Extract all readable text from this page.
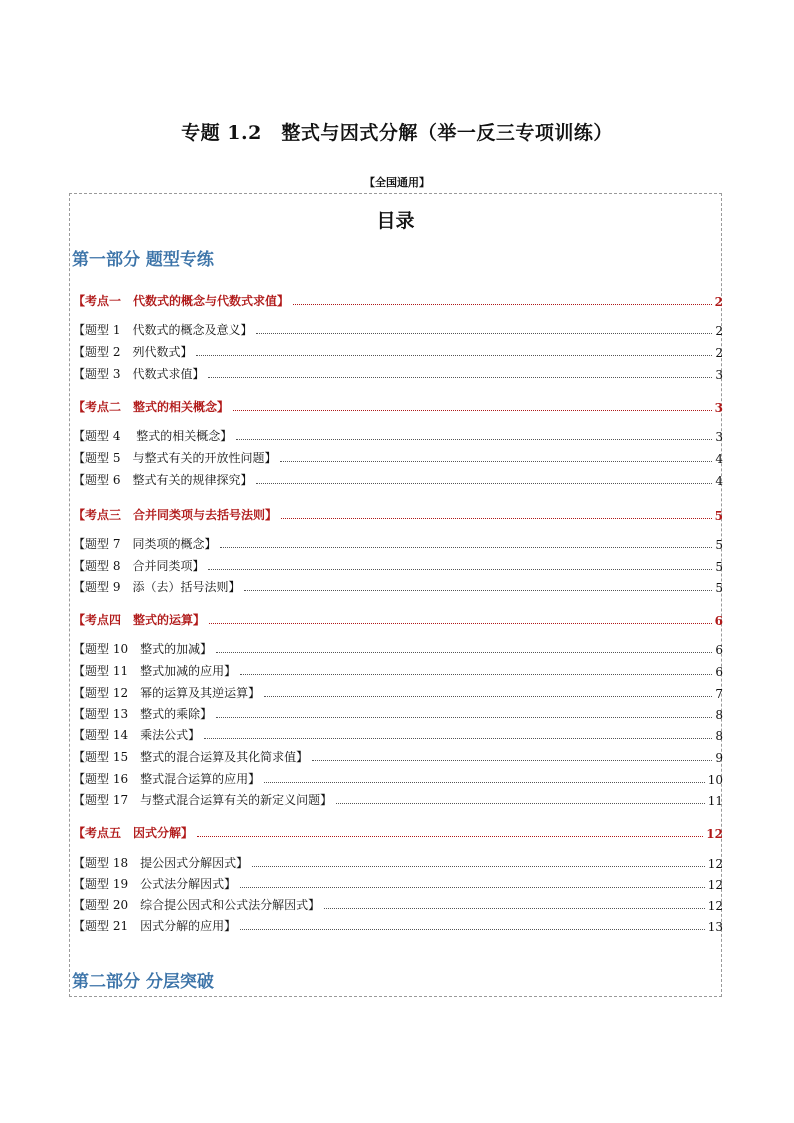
专题 1.2　整式与因式分解（举一反三专项训练）
【全国通用】
目录
第一部分 题型专练
【考点一　代数式的概念与代数式求值】	2
【题型 1　代数式的概念及意义】	2
【题型 2　列代数式】	2
【题型 3　代数式求值】	3
【考点二　整式的相关概念】	3
【题型 4　 整式的相关概念】	3
【题型 5　与整式有关的开放性问题】	4
【题型 6　整式有关的规律探究】	4
【考点三　合并同类项与去括号法则】	5
【题型 7　同类项的概念】	5
【题型 8　合并同类项】	5
【题型 9　添（去）括号法则】	5
【考点四　整式的运算】	6
【题型 10　整式的加减】	6
【题型 11　整式加减的应用】	6
【题型 12　幂的运算及其逆运算】	7
【题型 13　整式的乘除】	8
【题型 14　乘法公式】	8
【题型 15　整式的混合运算及其化简求值】	9
【题型 16　整式混合运算的应用】	10
【题型 17　与整式混合运算有关的新定义问题】	11
【考点五　因式分解】	12
【题型 18　提公因式分解因式】	12
【题型 19　公式法分解因式】	12
【题型 20　综合提公因式和公式法分解因式】	12
【题型 21　因式分解的应用】	13
第二部分 分层突破
